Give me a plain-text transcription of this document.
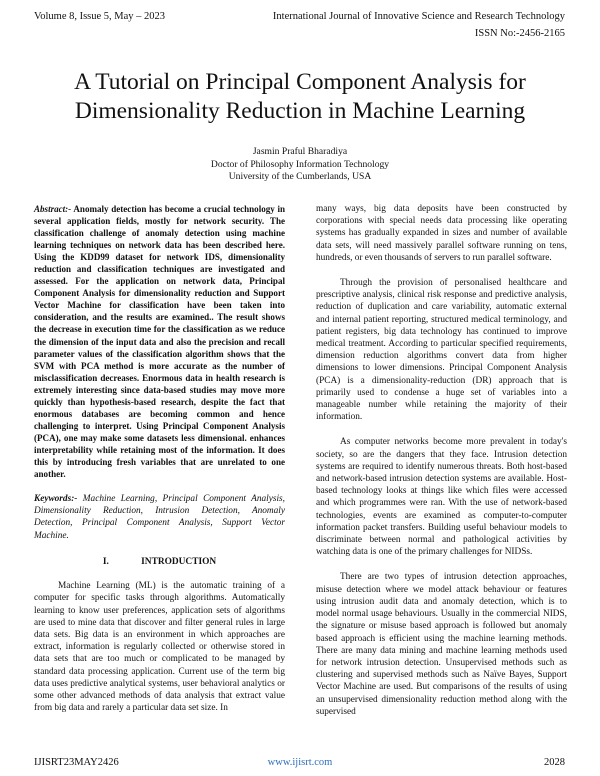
Volume 8, Issue 5, May – 2023	International Journal of Innovative Science and Research Technology
ISSN No:-2456-2165
A Tutorial on Principal Component Analysis for Dimensionality Reduction in Machine Learning
Jasmin Praful Bharadiya
Doctor of Philosophy Information Technology
University of the Cumberlands, USA

Abstract:- Anomaly detection has become a crucial technology in several application fields, mostly for network security. The classification challenge of anomaly detection using machine learning techniques on network data has been described here. Using the KDD99 dataset for network IDS, dimensionality reduction and classification techniques are investigated and assessed. For the application on network data, Principal Component Analysis for dimensionality reduction and Support Vector Machine for classification have been taken into consideration, and the results are examined.. The result shows the decrease in execution time for the classification as we reduce the dimension of the input data and also the precision and recall parameter values of the classification algorithm shows that the SVM with PCA method is more accurate as the number of misclassification decreases. Enormous data in health research is extremely interesting since data-based studies may move more quickly than hypothesis-based research, despite the fact that enormous databases are becoming common and hence challenging to interpret. Using Principal Component Analysis (PCA), one may make some datasets less dimensional. enhances interpretability while retaining most of the information. It does this by introducing fresh variables that are unrelated to one another.

Keywords:- Machine Learning, Principal Component Analysis, Dimensionality Reduction, Intrusion Detection, Anomaly Detection, Principal Component Analysis, Support Vector Machine.

I.	INTRODUCTION

Machine Learning (ML) is the automatic training of a computer for specific tasks through algorithms. Automatically learning to know user preferences, application sets of algorithms are used to mine data that discover and filter general rules in large data sets. Big data is an environment in which approaches are extract, information is regularly collected or otherwise stored in data sets that are too much or complicated to be managed by standard data processing application. Current use of the term big data uses predictive analytical systems, user behavioral analytics or some other advanced methods of data analysis that extract value from big data and rarely a particular data set size. In

many ways, big data deposits have been constructed by corporations with special needs data processing like operating systems has gradually expanded in sizes and number of available data sets, will need massively parallel software running on tens, hundreds, or even thousands of servers to run parallel software.

Through the provision of personalised healthcare and prescriptive analysis, clinical risk response and predictive analysis, reduction of duplication and care variability, automatic external and internal patient reporting, structured medical terminology, and patient registers, big data technology has continued to improve medical treatment. According to particular specified requirements, dimension reduction algorithms convert data from higher dimensions to lower dimensions. Principal Component Analysis (PCA) is a dimensionality-reduction (DR) approach that is primarily used to condense a huge set of variables into a manageable number while retaining the majority of their information.

As computer networks become more prevalent in today's society, so are the dangers that they face. Intrusion detection systems are required to identify numerous threats. Both host-based and network-based intrusion detection systems are available. Host-based technology looks at things like which files were accessed and which programmes were ran. With the use of network-based technologies, events are examined as computer-to-computer information packet transfers. Building useful behaviour models to discriminate between normal and pathological activities by watching data is one of the primary challenges for NIDSs.

There are two types of intrusion detection approaches, misuse detection where we model attack behaviour or features using intrusion audit data and anomaly detection, which is to model normal usage behaviours. Usually in the commercial NIDS, the signature or misuse based approach is followed but anomaly based approach is efficient using the machine learning methods. There are many data mining and machine learning methods used for network intrusion detection. Unsupervised methods such as clustering and supervised methods such as Naïve Bayes, Support Vector Machine are used. But comparisons of the results of using an unsupervised dimensionality reduction method along with the supervised

IJISRT23MAY2426	www.ijisrt.com	2028
